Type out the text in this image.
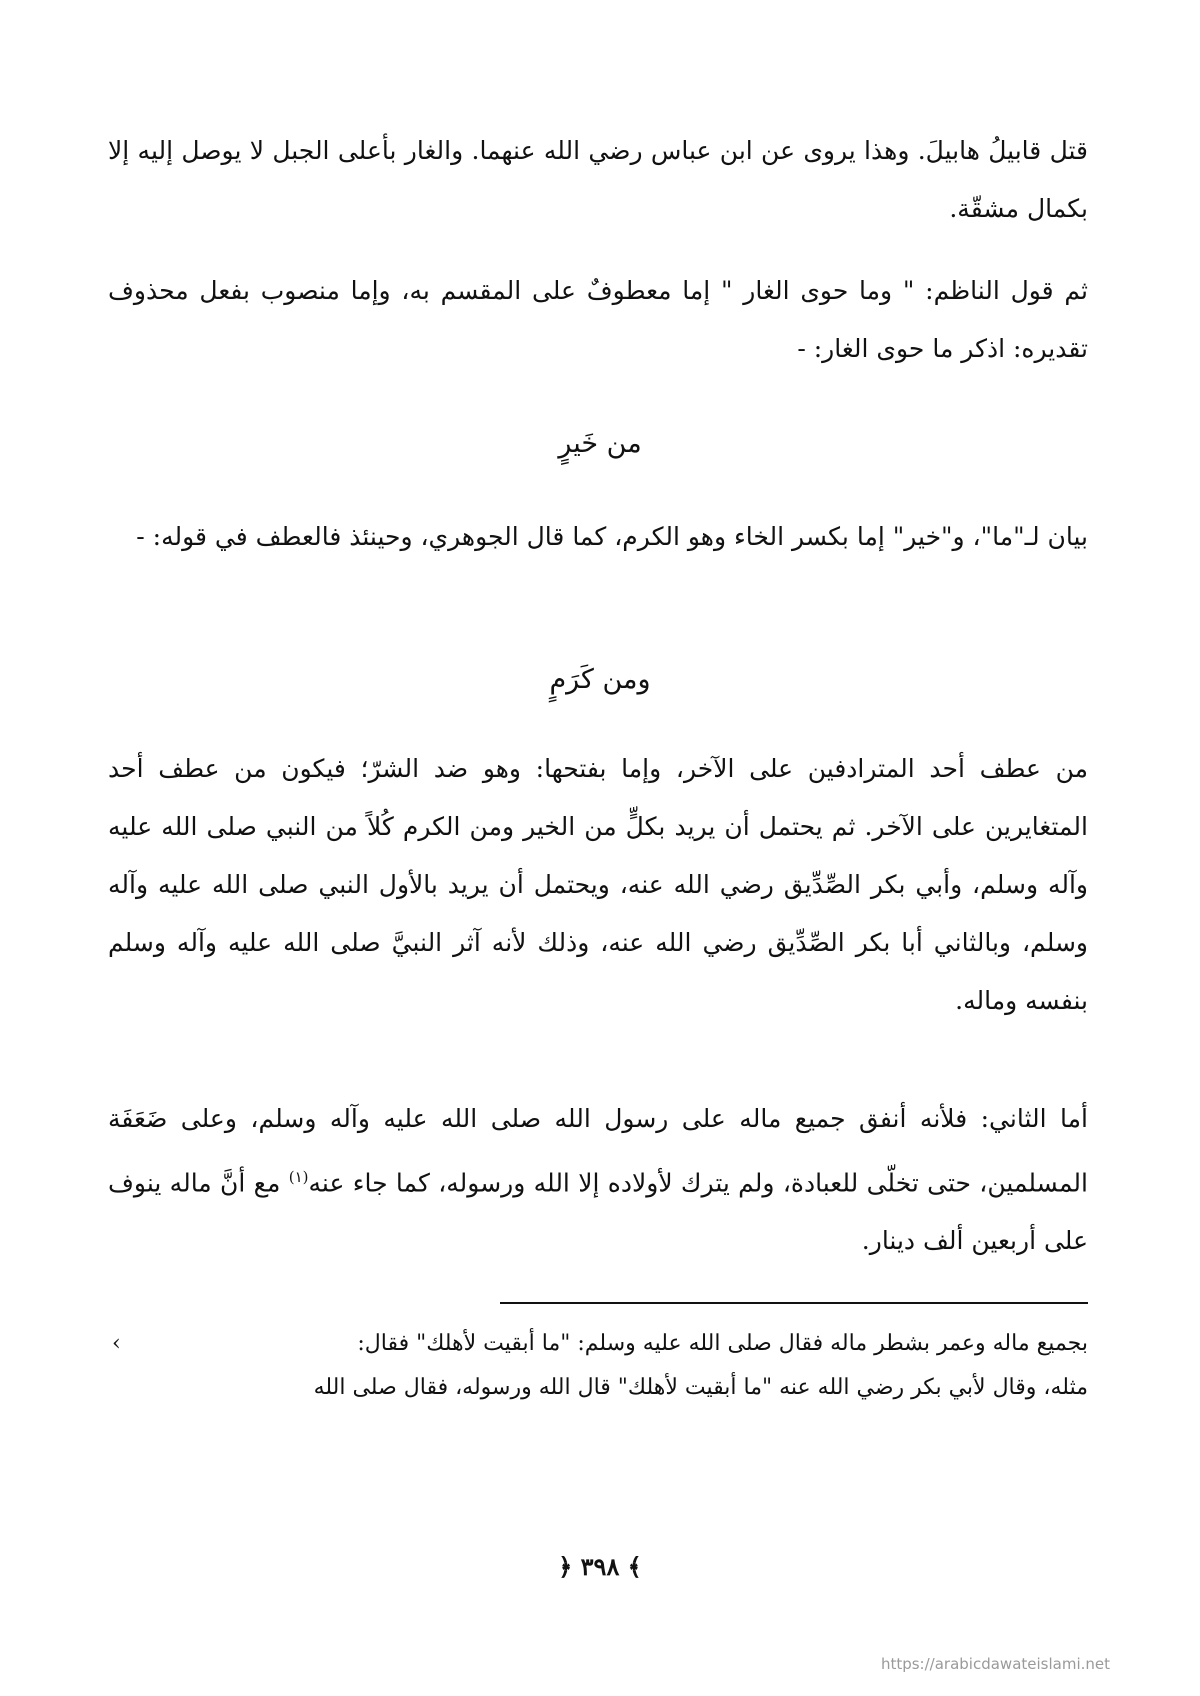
قتل قابيلُ هابيلَ. وهذا يروى عن ابن عباس رضي الله عنهما. والغار بأعلى الجبل لا يوصل إليه إلا بكمال مشقّة.

ثم قول الناظم: " وما حوى الغار " إما معطوفٌ على المقسم به، وإما منصوب بفعل محذوف تقديره: اذكر ما حوى الغار: -

من خَيرٍ

بيان لـ"ما"، و"خير" إما بكسر الخاء وهو الكرم، كما قال الجوهري، وحينئذ فالعطف في قوله: -

ومن كَرَمٍ

من عطف أحد المترادفين على الآخر، وإما بفتحها: وهو ضد الشرّ؛ فيكون من عطف أحد المتغايرين على الآخر. ثم يحتمل أن يريد بكلٍّ من الخير ومن الكرم كُلاً من النبي صلى الله عليه وآله وسلم، وأبي بكر الصِّدِّيق رضي الله عنه، ويحتمل أن يريد بالأول النبي صلى الله عليه وآله وسلم، وبالثاني أبا بكر الصِّدِّيق رضي الله عنه، وذلك لأنه آثر النبيَّ صلى الله عليه وآله وسلم بنفسه وماله.

أما الثاني: فلأنه أنفق جميع ماله على رسول الله صلى الله عليه وآله وسلم، وعلى ضَعَفَة المسلمين، حتى تخلّى للعبادة، ولم يترك لأولاده إلا الله ورسوله، كما جاء عنه$^{(١)}$ مع أنَّ ماله ينوف على أربعين ألف دينار.

بجميع ماله وعمر بشطر ماله فقال صلى الله عليه وسلم: "ما أبقيت لأهلك" فقال:
›
مثله، وقال لأبي بكر رضي الله عنه "ما أبقيت لأهلك" قال الله ورسوله، فقال صلى الله
﴿ ٣٩٨ ﴾
https://arabicdawateislami.net
